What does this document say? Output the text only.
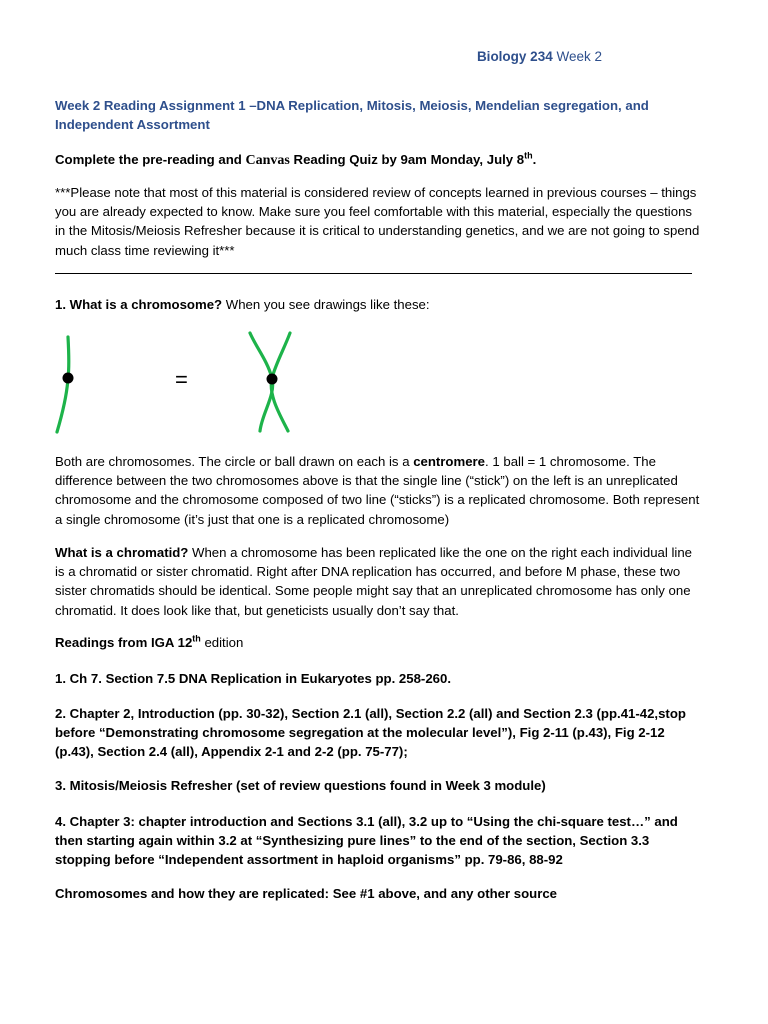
Biology 234 Week 2
Week 2 Reading Assignment 1 –DNA Replication, Mitosis, Meiosis, Mendelian segregation, and Independent Assortment
Complete the pre-reading and Canvas Reading Quiz by 9am Monday, July 8th.
***Please note that most of this material is considered review of concepts learned in previous courses – things you are already expected to know. Make sure you feel comfortable with this material, especially the questions in the Mitosis/Meiosis Refresher because it is critical to understanding genetics, and we are not going to spend much class time reviewing it***
1. What is a chromosome? When you see drawings like these:
=
Both are chromosomes. The circle or ball drawn on each is a centromere. 1 ball = 1 chromosome. The difference between the two chromosomes above is that the single line (“stick”) on the left is an unreplicated chromosome and the chromosome composed of two line (“sticks”) is a replicated chromosome. Both represent a single chromosome (it’s just that one is a replicated chromosome)
What is a chromatid? When a chromosome has been replicated like the one on the right each individual line is a chromatid or sister chromatid. Right after DNA replication has occurred, and before M phase, these two sister chromatids should be identical. Some people might say that an unreplicated chromosome has only one chromatid. It does look like that, but geneticists usually don’t say that.
Readings from IGA 12th edition
1. Ch 7. Section 7.5 DNA Replication in Eukaryotes pp. 258-260.
2. Chapter 2, Introduction (pp. 30-32), Section 2.1 (all), Section 2.2 (all) and Section 2.3 (pp.41-42,stop before “Demonstrating chromosome segregation at the molecular level”), Fig 2-11 (p.43), Fig 2-12 (p.43), Section 2.4 (all), Appendix 2-1 and 2-2 (pp. 75-77);
3. Mitosis/Meiosis Refresher (set of review questions found in Week 3 module)
4. Chapter 3: chapter introduction and Sections 3.1 (all), 3.2 up to “Using the chi-square test…” and then starting again within 3.2 at “Synthesizing pure lines” to the end of the section, Section 3.3 stopping before “Independent assortment in haploid organisms” pp. 79-86, 88-92
Chromosomes and how they are replicated: See #1 above, and any other source
